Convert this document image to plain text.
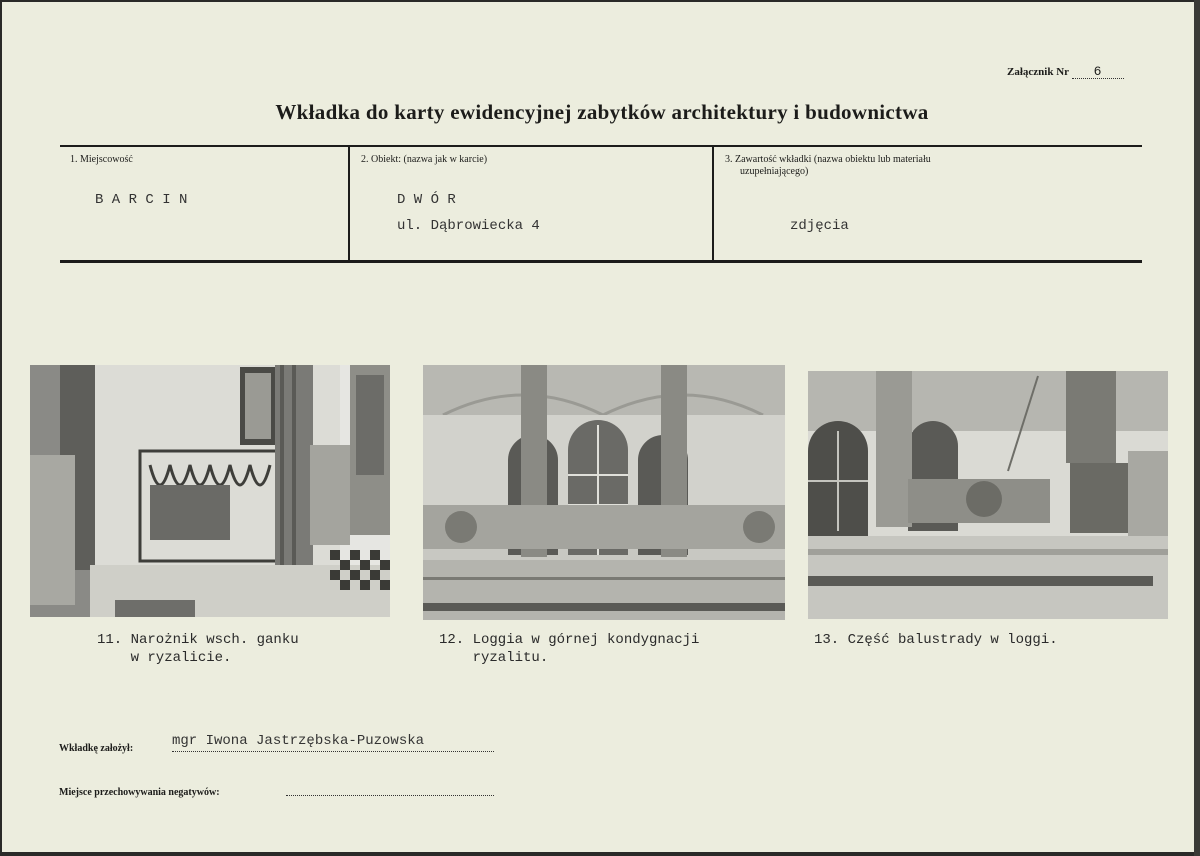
Załącznik Nr 6
Wkładka do karty ewidencyjnej zabytków architektury i budownictwa
1. Miejscowość
B A R C I N
2. Obiekt: (nazwa jak w karcie)
D W Ó R
ul. Dąbrowiecka 4
3. Zawartość wkładki (nazwa obiektu lub materiału
uzupełniającego)
zdjęcia
11. Narożnik wsch. ganku
w ryzalicie.
12. Loggia w górnej kondygnacji
ryzalitu.
13. Część balustrady w loggi.
Wkładkę założył:	mgr Iwona Jastrzębska-Puzowska
Miejsce przechowywania negatywów:
